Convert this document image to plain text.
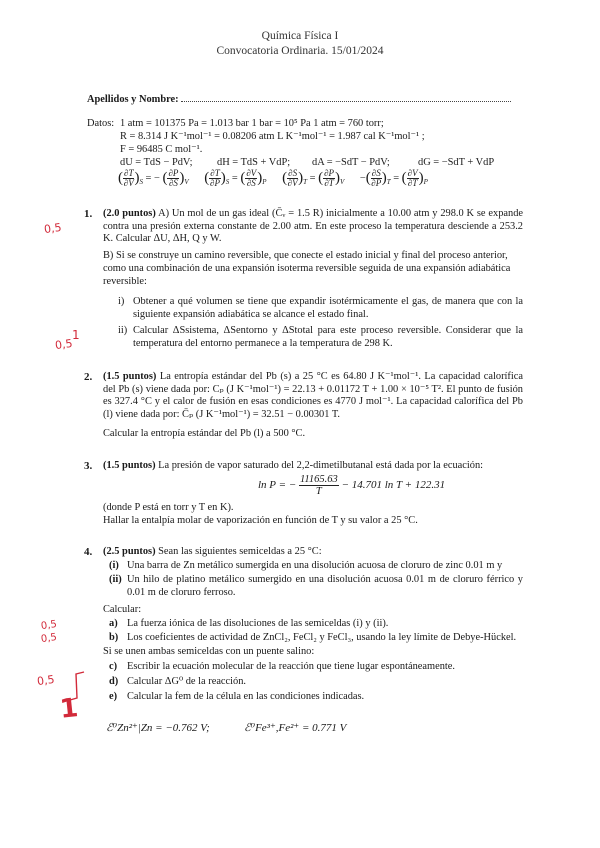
Química Física I
Convocatoria Ordinaria. 15/01/2024
Apellidos y Nombre:
Datos: 1 atm = 101375 Pa = 1.013 bar 1 bar = 10⁵ Pa 1 atm = 760 torr;
R = 8.314 J K⁻¹mol⁻¹ = 0.08206 atm L K⁻¹mol⁻¹ = 1.987 cal K⁻¹mol⁻¹ ;
F = 96485 C mol⁻¹.
dU = TdS − PdV; dH = TdS + VdP; dA = −SdT − PdV;	dG = −SdT + VdP
( $\frac{\partial T}{\partial V} )_S$ = − ( $\frac{\partial P}{\partial S} )_V$ ( $\frac{\partial T}{\partial P} )_S$ = ( $\frac{\partial V}{\partial S} )_P$ ( $\frac{\partial S}{\partial V} )_T$ = ( $\frac{\partial P}{\partial T} )_V$      −( $\frac{\partial S}{\partial P} )_T$ = ( $\frac{\partial V}{\partial T} )_P$
1. (2.0 puntos) A) Un mol de un gas ideal (C̄ᵥ = 1.5 R) inicialmente a 10.00 atm y 298.0 K se expande contra una presión externa constante de 2.00 atm. En este proceso la temperatura desciende a 253.2 K. Calcular ΔU, ΔH, Q y W.
B) Si se construye un camino reversible, que conecte el estado inicial y final del proceso anterior,
como una combinación de una expansión isoterma reversible seguida de una expansión adiabática
reversible:
i) Obtener a qué volumen se tiene que expandir isotérmicamente el gas, de manera que con la siguiente expansión adiabática se alcance el estado final.
ii) Calcular ΔSsistema, ΔSentorno y ΔStotal para este proceso reversible. Considerar que la temperatura del entorno permanece a la temperatura de 298 K.
2. (1.5 puntos) La entropía estándar del Pb (s) a 25 °C es 64.80 J K⁻¹mol⁻¹. La capacidad calorífica del Pb (s) viene dada por: Cₚ (J K⁻¹mol⁻¹) = 22.13 + 0.01172 T + 1.00 × 10⁻⁵ T². El punto de fusión es 327.4 °C y el calor de fusión en esas condiciones es 4770 J mol⁻¹. La capacidad calorífica del Pb (l) viene dada por: C̄ₚ (J K⁻¹mol⁻¹) = 32.51 − 0.00301 T.
Calcular la entropía estándar del Pb (l) a 500 °C.
3. (1.5 puntos) La presión de vapor saturado del 2,2-dimetilbutanal está dada por la ecuación:
ln P = − $\frac{11165.63}{T} - 14.701$ ln T + 122.31
(donde P está en torr y T en K).
Hallar la entalpía molar de vaporización en función de T y su valor a 25 °C.
4. (2.5 puntos) Sean las siguientes semiceldas a 25 °C:
(i) Una barra de Zn metálico sumergida en una disolución acuosa de cloruro de zinc 0.01 m y
(ii) Un hilo de platino metálico sumergido en una disolución acuosa 0.01 m de cloruro férrico y 0.01 m de cloruro ferroso.
Calcular:
a) La fuerza iónica de las disoluciones de las semiceldas (i) y (ii).
b) Los coeficientes de actividad de ZnCl₂, FeCl₂ y FeCl₃, usando la ley límite de Debye-Hückel.
Si se unen ambas semiceldas con un puente salino:
c) Escribir la ecuación molecular de la reacción que tiene lugar espontáneamente.
d) Calcular ΔG⁰ de la reacción.
e) Calcular la fem de la célula en las condiciones indicadas.
ℰ⁰Zn²⁺|Zn = −0.762 V;	ℰ⁰Fe³⁺,Fe²⁺ = 0.771 V
0,5
1
0,5
0,5
0,5
0,5
1
